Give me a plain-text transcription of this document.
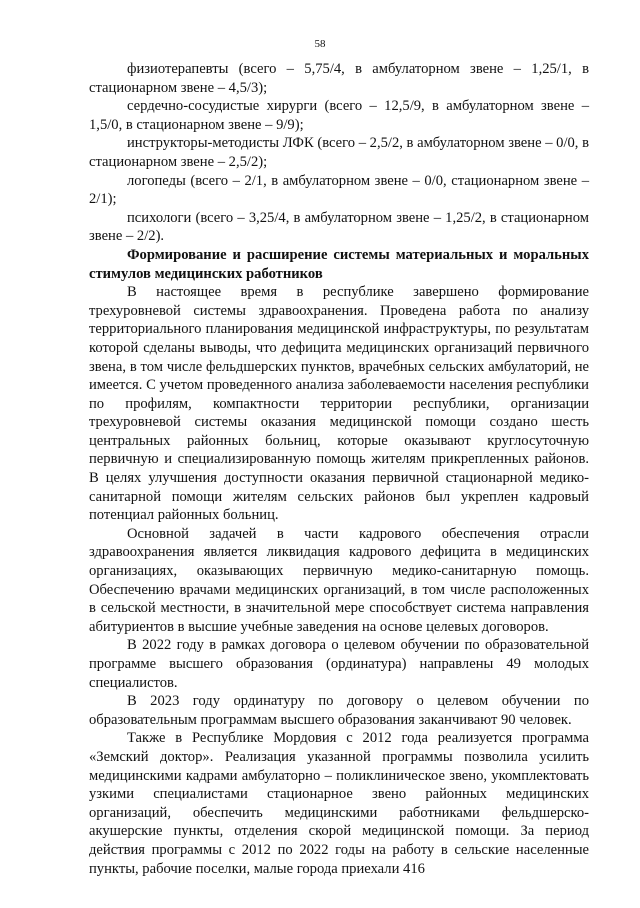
58

физиотерапевты (всего – 5,75/4, в амбулаторном звене – 1,25/1, в стационарном звене – 4,5/3);

сердечно-сосудистые хирурги (всего – 12,5/9, в амбулаторном звене – 1,5/0, в стационарном звене – 9/9);

инструкторы-методисты ЛФК (всего – 2,5/2, в амбулаторном звене – 0/0, в стационарном звене – 2,5/2);

логопеды (всего – 2/1, в амбулаторном звене – 0/0, стационарном звене – 2/1);

психологи (всего – 3,25/4, в амбулаторном звене – 1,25/2, в стационарном звене – 2/2).

Формирование и расширение системы материальных и моральных стимулов медицинских работников

В настоящее время в республике завершено формирование трехуровневой системы здравоохранения. Проведена работа по анализу территориального планирования медицинской инфраструктуры, по результатам которой сделаны выводы, что дефицита медицинских организаций первичного звена, в том числе фельдшерских пунктов, врачебных сельских амбулаторий, не имеется. С учетом проведенного анализа заболеваемости населения республики по профилям, компактности территории республики, организации трехуровневой системы оказания медицинской помощи создано шесть центральных районных больниц, которые оказывают круглосуточную первичную и специализированную помощь жителям прикрепленных районов. В целях улучшения доступности оказания первичной стационарной медико-санитарной помощи жителям сельских районов был укреплен кадровый потенциал районных больниц.

Основной задачей в части кадрового обеспечения отрасли здравоохранения является ликвидация кадрового дефицита в медицинских организациях, оказывающих первичную медико-санитарную помощь. Обеспечению врачами медицинских организаций, в том числе расположенных в сельской местности, в значительной мере способствует система направления абитуриентов в высшие учебные заведения на основе целевых договоров.

В 2022 году в рамках договора о целевом обучении по образовательной программе высшего образования (ординатура) направлены 49 молодых специалистов.

В 2023 году ординатуру по договору о целевом обучении по образовательным программам высшего образования заканчивают 90 человек.

Также в Республике Мордовия с 2012 года реализуется программа «Земский доктор». Реализация указанной программы позволила усилить медицинскими кадрами амбулаторно – поликлиническое звено, укомплектовать узкими специалистами стационарное звено районных медицинских организаций, обеспечить медицинскими работниками фельдшерско-акушерские пункты, отделения скорой медицинской помощи. За период действия программы с 2012 по 2022 годы на работу в сельские населенные пункты, рабочие поселки, малые города приехали 416
